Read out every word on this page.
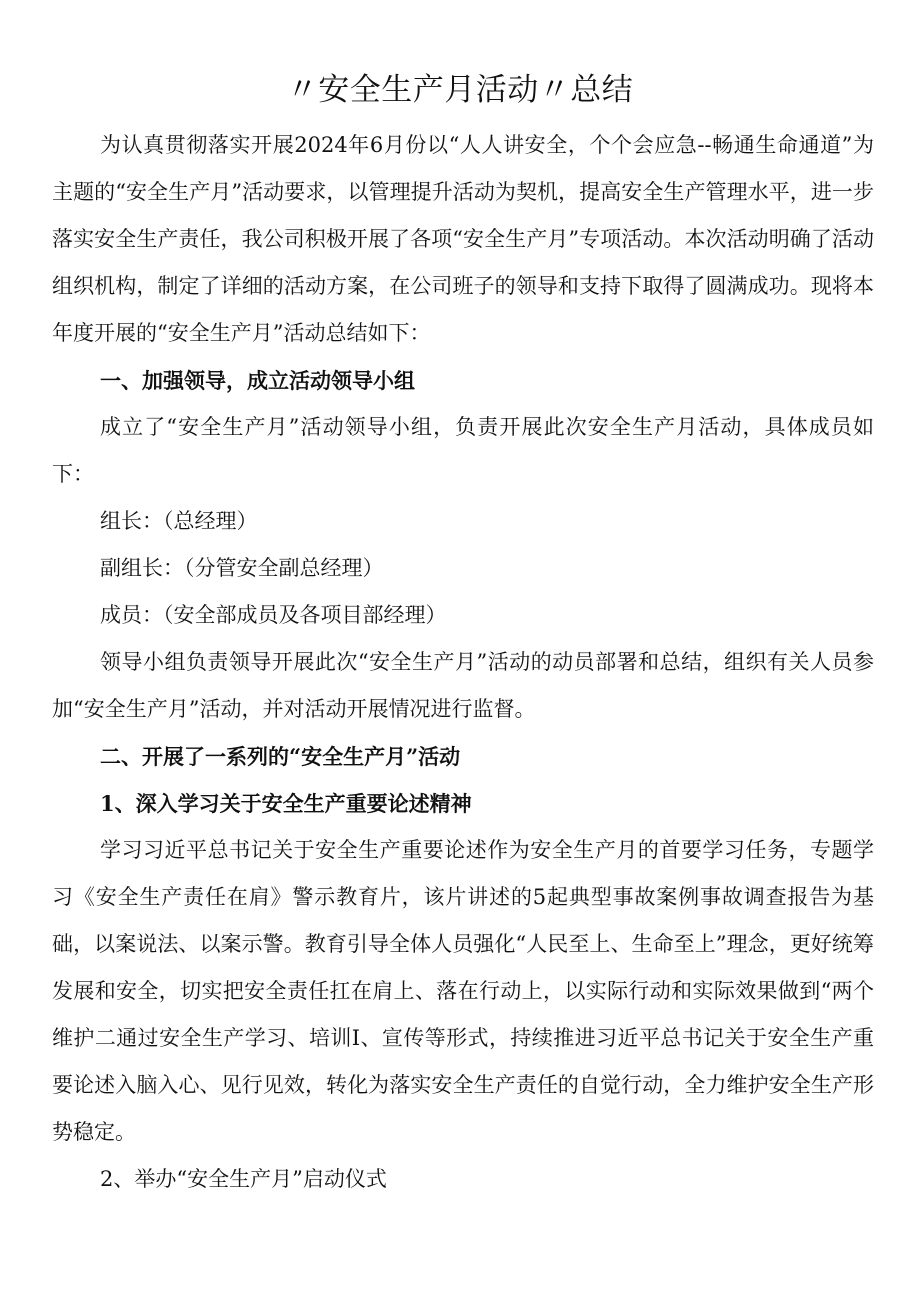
〃安全生产月活动〃总结

为认真贯彻落实开展2024年6月份以“人人讲安全，个个会应急--畅通生命通道”为主题的“安全生产月”活动要求，以管理提升活动为契机，提高安全生产管理水平，进一步落实安全生产责任，我公司积极开展了各项“安全生产月”专项活动。本次活动明确了活动组织机构，制定了详细的活动方案，在公司班子的领导和支持下取得了圆满成功。现将本年度开展的“安全生产月”活动总结如下：

一、加强领导，成立活动领导小组

成立了“安全生产月”活动领导小组，负责开展此次安全生产月活动，具体成员如下：

组长：（总经理）

副组长：（分管安全副总经理）

成员：（安全部成员及各项目部经理）

领导小组负责领导开展此次“安全生产月”活动的动员部署和总结，组织有关人员参加“安全生产月”活动，并对活动开展情况进行监督。

二、开展了一系列的“安全生产月”活动

1、深入学习关于安全生产重要论述精神

学习习近平总书记关于安全生产重要论述作为安全生产月的首要学习任务，专题学习《安全生产责任在肩》警示教育片，该片讲述的5起典型事故案例事故调查报告为基础，以案说法、以案示警。教育引导全体人员强化“人民至上、生命至上”理念，更好统筹发展和安全，切实把安全责任扛在肩上、落在行动上，以实际行动和实际效果做到“两个维护二通过安全生产学习、培训I、宣传等形式，持续推进习近平总书记关于安全生产重要论述入脑入心、见行见效，转化为落实安全生产责任的自觉行动，全力维护安全生产形势稳定。

2、举办“安全生产月”启动仪式
